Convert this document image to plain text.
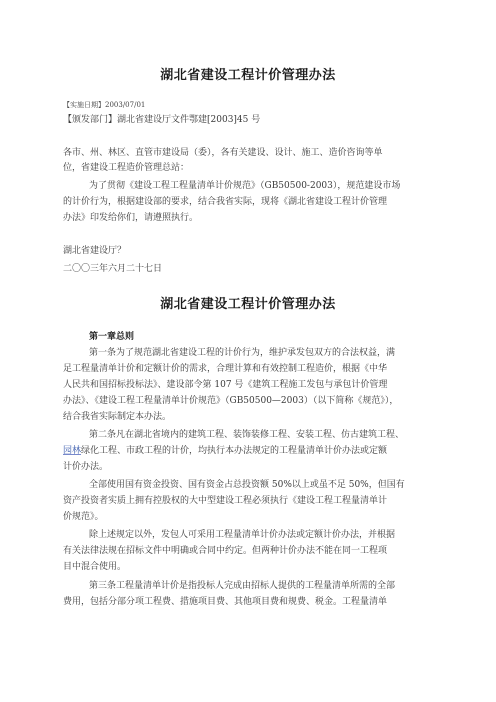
湖北省建设工程计价管理办法
【实施日期】2003/07/01
【颁发部门】湖北省建设厅文件鄂建[2003]45 号
各市、州、林区、直管市建设局（委），各有关建设、设计、施工、造价咨询等单
位，省建设工程造价管理总站：
为了贯彻《建设工程工程量清单计价规范》（GB50500-2003），规范建设市场
的计价行为，根据建设部的要求，结合我省实际，现将《湖北省建设工程计价管理
办法》印发给你们，请遵照执行。
湖北省建设厅？
二〇〇三年六月二十七日
湖北省建设工程计价管理办法
第一章总则
第一条为了规范湖北省建设工程的计价行为，维护承发包双方的合法权益，满
足工程量清单计价和定额计价的需求，合理计算和有效控制工程造价，根据《中华
人民共和国招标投标法》、建设部令第 107 号《建筑工程施工发包与承包计价管理
办法》、《建设工程工程量清单计价规范》（GB50500—2003）（以下简称《规范》），
结合我省实际制定本办法。
第二条凡在湖北省境内的建筑工程、装饰装修工程、安装工程、仿古建筑工程、
园林绿化工程、市政工程的计价，均执行本办法规定的工程量清单计价办法或定额
计价办法。
全部使用国有资金投资、国有资金占总投资额 50%以上或虽不足 50%，但国有
资产投资者实质上拥有控股权的大中型建设工程必须执行《建设工程工程量清单计
价规范》。
除上述规定以外，发包人可采用工程量清单计价办法或定额计价办法，并根据
有关法律法规在招标文件中明确或合同中约定。但两种计价办法不能在同一工程项
目中混合使用。
第三条工程量清单计价是指投标人完成由招标人提供的工程量清单所需的全部
费用，包括分部分项工程费、措施项目费、其他项目费和规费、税金。工程量清单
